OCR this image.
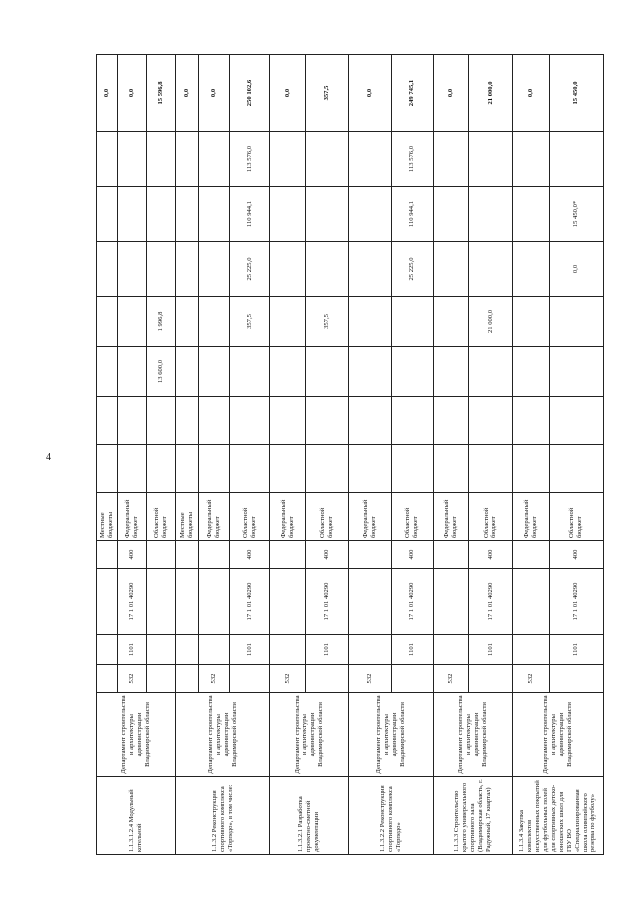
4
1.1.3.1.2.4 Модульный котельной	Департамент строительства и архитектуры администрации Владимирской области					Местные бюджеты								0,0
		532	1101	17 1 01 40290	400	Федеральный бюджет								0,0
						Областной бюджет			13 600,0	1 996,8				15 596,8
1.1.3.2 Реконструкция спортивного комплекса «Торпедо», в том числе:	Департамент строительства и архитектуры администрации Владимирской области					Местные бюджеты								0,0
		532				Федеральный бюджет								0,0
			1101	17 1 01 40290	400	Областной бюджет				357,5	25 225,0	110 944,1	113 576,0	250 102,6
1.1.3.2.1 Разработка проектно-сметной документации	Департамент строительства и архитектуры администрации Владимирской области	532				Федеральный бюджет								0,0
			1101	17 1 01 40290	400	Областной бюджет				357,5				357,5
1.1.3.2.2 Реконструкция спортивного комплекса «Торпедо»	Департамент строительства и архитектуры администрации Владимирской области	532				Федеральный бюджет								0,0
			1101	17 1 01 40290	400	Областной бюджет					25 225,0	110 944,1	113 576,0	249 745,1
1.1.3.3 Строительство крытого универсального спортивного зала (Владимирская область, г. Радужный, 17 квартал)	Департамент строительства и архитектуры администрации Владимирской области	532				Федеральный бюджет								0,0
			1101	17 1 01 40290	400	Областной бюджет				21 000,0				21 000,0
1.1.3.4 Закупка комплектов искусственных покрытий для футбольных полей для спортивных детско-юношеских школ для ГБУ ВО «Специализированная школа олимпийского резерва по футболу»	Департамент строительства и архитектуры администрации Владимирской области	532				Федеральный бюджет								0,0
			1101	17 1 01 40290	400	Областной бюджет					0,0	15 450,0*		15 450,0
